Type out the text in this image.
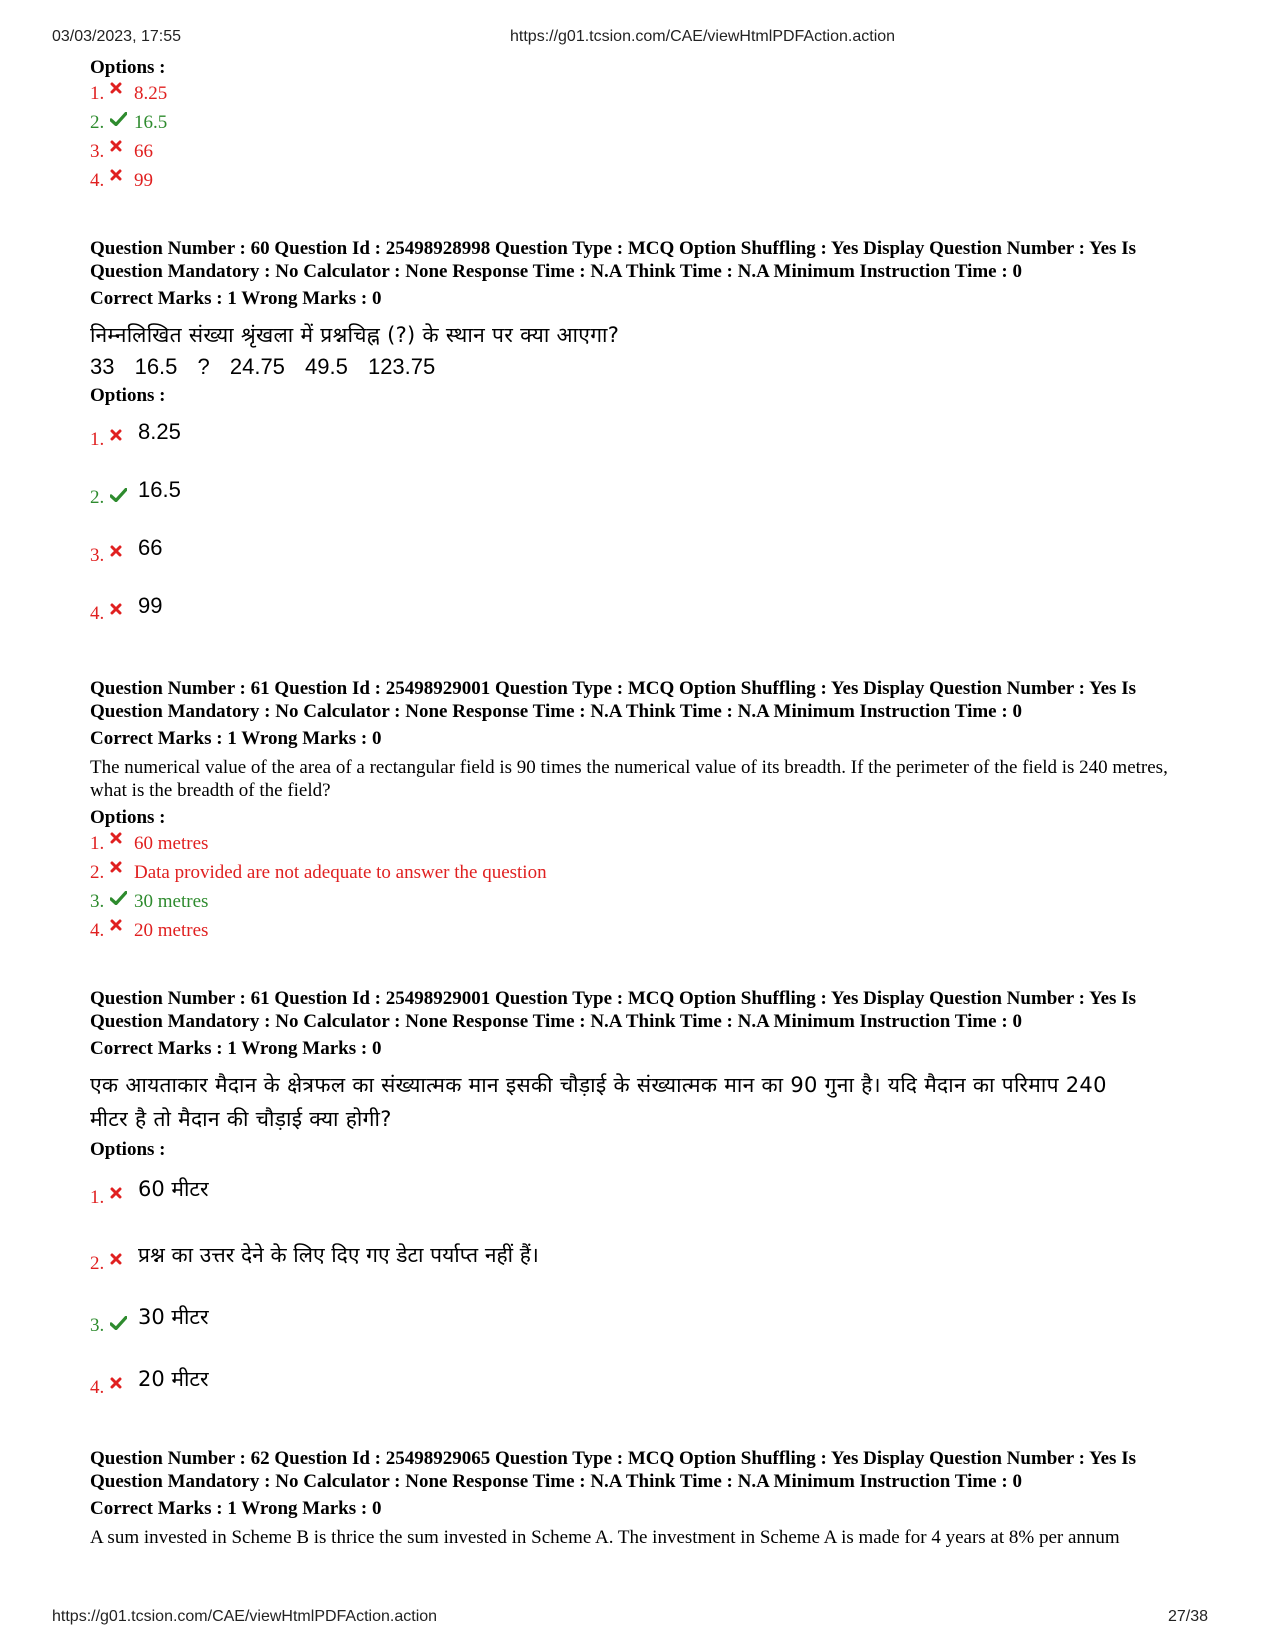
03/03/2023, 17:55	https://g01.tcsion.com/CAE/viewHtmlPDFAction.action
Options :
1.	8.25
2.	16.5
3.	66
4.	99
Question Number : 60 Question Id : 25498928998 Question Type : MCQ Option Shuffling : Yes Display Question Number : Yes Is Question Mandatory : No Calculator : None Response Time : N.A Think Time : N.A Minimum Instruction Time : 0
Correct Marks : 1 Wrong Marks : 0
निम्नलिखित संख्या श्रृंखला में प्रश्नचिह्न (?) के स्थान पर क्या आएगा?
33 16.5 ? 24.75 49.5 123.75
Options :
1. 8.25
2. 16.5
3. 66
4. 99
Question Number : 61 Question Id : 25498929001 Question Type : MCQ Option Shuffling : Yes Display Question Number : Yes Is Question Mandatory : No Calculator : None Response Time : N.A Think Time : N.A Minimum Instruction Time : 0
Correct Marks : 1 Wrong Marks : 0
The numerical value of the area of a rectangular field is 90 times the numerical value of its breadth. If the perimeter of the field is 240 metres, what is the breadth of the field?
Options :
1.	60 metres
2.	Data provided are not adequate to answer the question
3.	30 metres
4.	20 metres
Question Number : 61 Question Id : 25498929001 Question Type : MCQ Option Shuffling : Yes Display Question Number : Yes Is Question Mandatory : No Calculator : None Response Time : N.A Think Time : N.A Minimum Instruction Time : 0
Correct Marks : 1 Wrong Marks : 0
एक आयताकार मैदान के क्षेत्रफल का संख्यात्मक मान इसकी चौड़ाई के संख्यात्मक मान का 90 गुना है। यदि मैदान का परिमाप 240 मीटर है तो मैदान की चौड़ाई क्या होगी?
Options :
1. 60 मीटर
2. प्रश्न का उत्तर देने के लिए दिए गए डेटा पर्याप्त नहीं हैं।
3. 30 मीटर
4. 20 मीटर
Question Number : 62 Question Id : 25498929065 Question Type : MCQ Option Shuffling : Yes Display Question Number : Yes Is Question Mandatory : No Calculator : None Response Time : N.A Think Time : N.A Minimum Instruction Time : 0
Correct Marks : 1 Wrong Marks : 0
A sum invested in Scheme B is thrice the sum invested in Scheme A. The investment in Scheme A is made for 4 years at 8% per annum
https://g01.tcsion.com/CAE/viewHtmlPDFAction.action	27/38
